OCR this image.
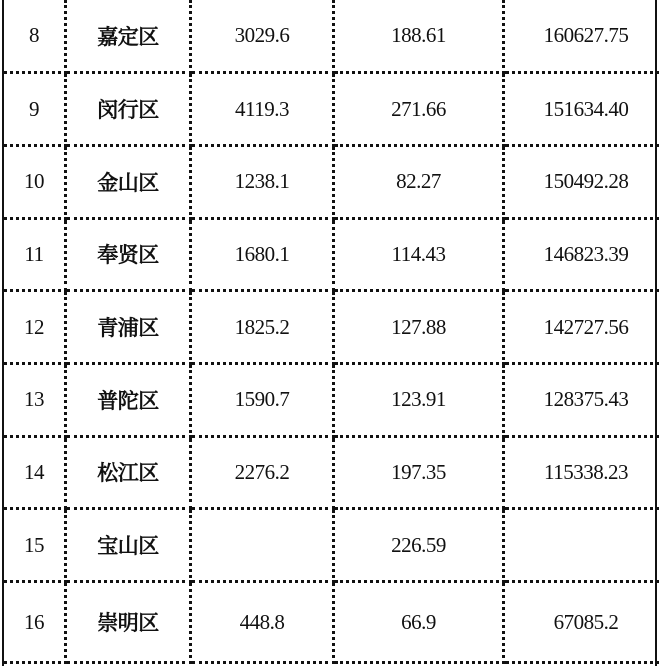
8	嘉定区	3029.6	188.61	160627.75
9	闵行区	4119.3	271.66	151634.40
10	金山区	1238.1	82.27	150492.28
11	奉贤区	1680.1	114.43	146823.39
12	青浦区	1825.2	127.88	142727.56
13	普陀区	1590.7	123.91	128375.43
14	松江区	2276.2	197.35	115338.23
15	宝山区		226.59	
16	崇明区	448.8	66.9	67085.2
